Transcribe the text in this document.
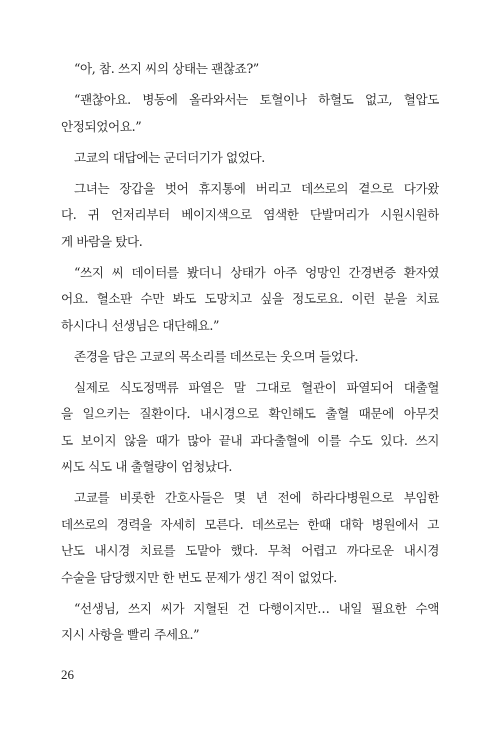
“아, 참. 쓰지 씨의 상태는 괜찮죠?”
“괜찮아요. 병동에 올라와서는 토혈이나 하혈도 없고, 혈압도
안정되었어요.”
고쿄의 대답에는 군더더기가 없었다.
그녀는 장갑을 벗어 휴지통에 버리고 데쓰로의 곁으로 다가왔
다. 귀 언저리부터 베이지색으로 염색한 단발머리가 시원시원하
게 바람을 탔다.
“쓰지 씨 데이터를 봤더니 상태가 아주 엉망인 간경변증 환자였
어요. 혈소판 수만 봐도 도망치고 싶을 정도로요. 이런 분을 치료
하시다니 선생님은 대단해요.”
존경을 담은 고쿄의 목소리를 데쓰로는 웃으며 들었다.
실제로 식도정맥류 파열은 말 그대로 혈관이 파열되어 대출혈
을 일으키는 질환이다. 내시경으로 확인해도 출혈 때문에 아무것
도 보이지 않을 때가 많아 끝내 과다출혈에 이를 수도 있다. 쓰지
씨도 식도 내 출혈량이 엄청났다.
고쿄를 비롯한 간호사들은 몇 년 전에 하라다병원으로 부임한
데쓰로의 경력을 자세히 모른다. 데쓰로는 한때 대학 병원에서 고
난도 내시경 치료를 도맡아 했다. 무척 어렵고 까다로운 내시경
수술을 담당했지만 한 번도 문제가 생긴 적이 없었다.
“선생님, 쓰지 씨가 지혈된 건 다행이지만… 내일 필요한 수액
지시 사항을 빨리 주세요.”
26
